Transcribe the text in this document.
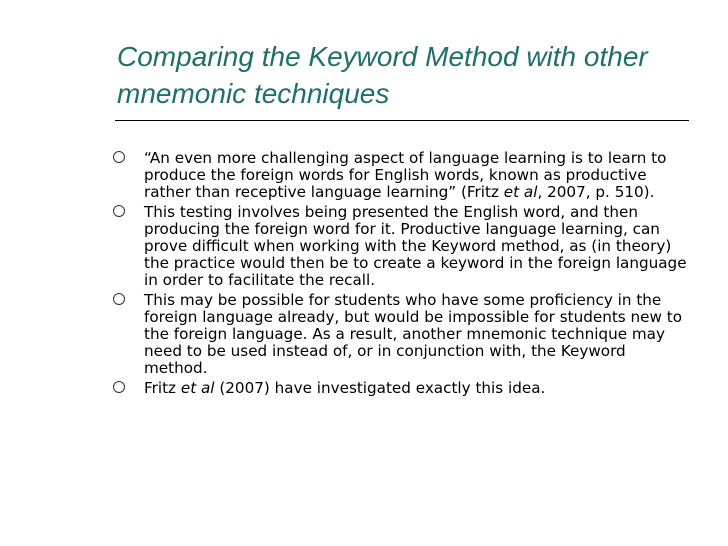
Comparing the Keyword Method with other mnemonic techniques
“An even more challenging aspect of language learning is to learn to produce the foreign words for English words, known as productive rather than receptive language learning” (Fritz et al, 2007, p. 510).
This testing involves being presented the English word, and then producing the foreign word for it. Productive language learning, can prove difficult when working with the Keyword method, as (in theory) the practice would then be to create a keyword in the foreign language in order to facilitate the recall.
This may be possible for students who have some proficiency in the foreign language already, but would be impossible for students new to the foreign language. As a result, another mnemonic technique may need to be used instead of, or in conjunction with, the Keyword method.
Fritz et al (2007) have investigated exactly this idea.
